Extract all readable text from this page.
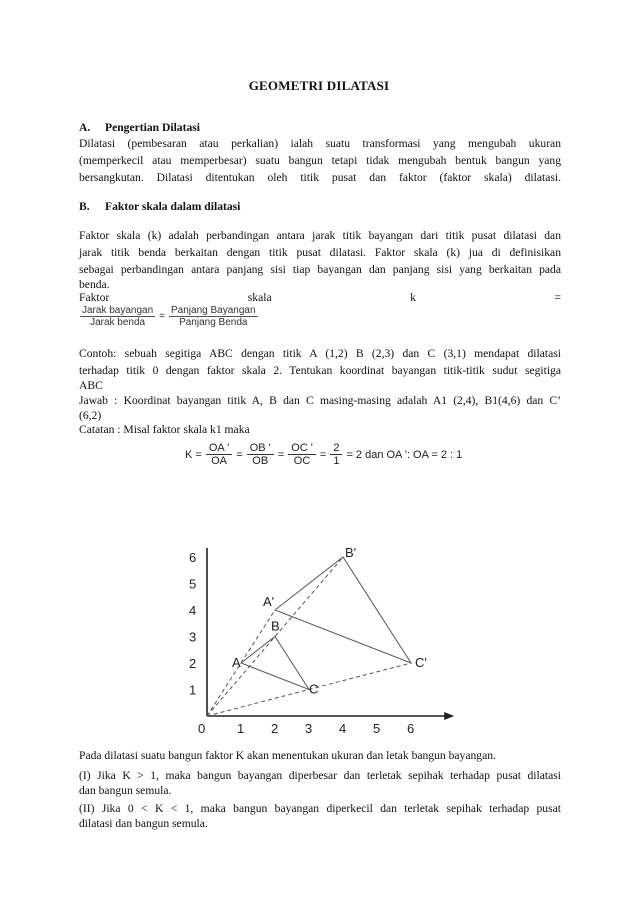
GEOMETRI DILATASI
A. Pengertian Dilatasi
Dilatasi (pembesaran atau perkalian) ialah suatu transformasi yang mengubah ukuran
(memperkecil atau memperbesar) suatu bangun tetapi tidak mengubah bentuk bangun yang
bersangkutan. Dilatasi ditentukan oleh titik pusat dan faktor (faktor skala) dilatasi.
B. Faktor skala dalam dilatasi
Faktor skala (k) adalah perbandingan antara jarak titik bayangan dari titik pusat dilatasi dan
jarak titik benda berkaitan dengan titik pusat dilatasi. Faktor skala (k) jua di definisikan
sebagai perbandingan antara panjang sisi tiap bayangan dan panjang sisi yang berkaitan pada
benda.
Faktor	skala	k	=
Jarak bayangan
Jarak benda
=
Panjang Bayangan
Panjang Benda
Contoh: sebuah segitiga ABC dengan titik A (1,2) B (2,3) dan C (3,1) mendapat dilatasi
terhadap titik 0 dengan faktor skala 2. Tentukan koordinat bayangan titik-titik sudut segitiga
ABC
Jawab : Koordinat bayangan titik A, B dan C masing-masing adalah A1 (2,4), B1(4,6) dan C’
(6,2)
Catatan : Misal faktor skala k1 maka
$K = \frac{OA '}{OA} = \frac{OB '}{OB} = \frac{OC '}{OC} = \frac{2}{1} = 2$ dan OA ': OA = 2 : 1
0 1 2 3 4 5 6
1
2
3
4
5
6
A
B
C
A'
B'
C'
Pada dilatasi suatu bangun faktor K akan menentukan ukuran dan letak bangun bayangan.
(I) Jika K > 1, maka bangun bayangan diperbesar dan terletak sepihak terhadap pusat dilatasi
dan bangun semula.
(II) Jika 0 < K < 1, maka bangun bayangan diperkecil dan terletak sepihak terhadap pusat
dilatasi dan bangun semula.
